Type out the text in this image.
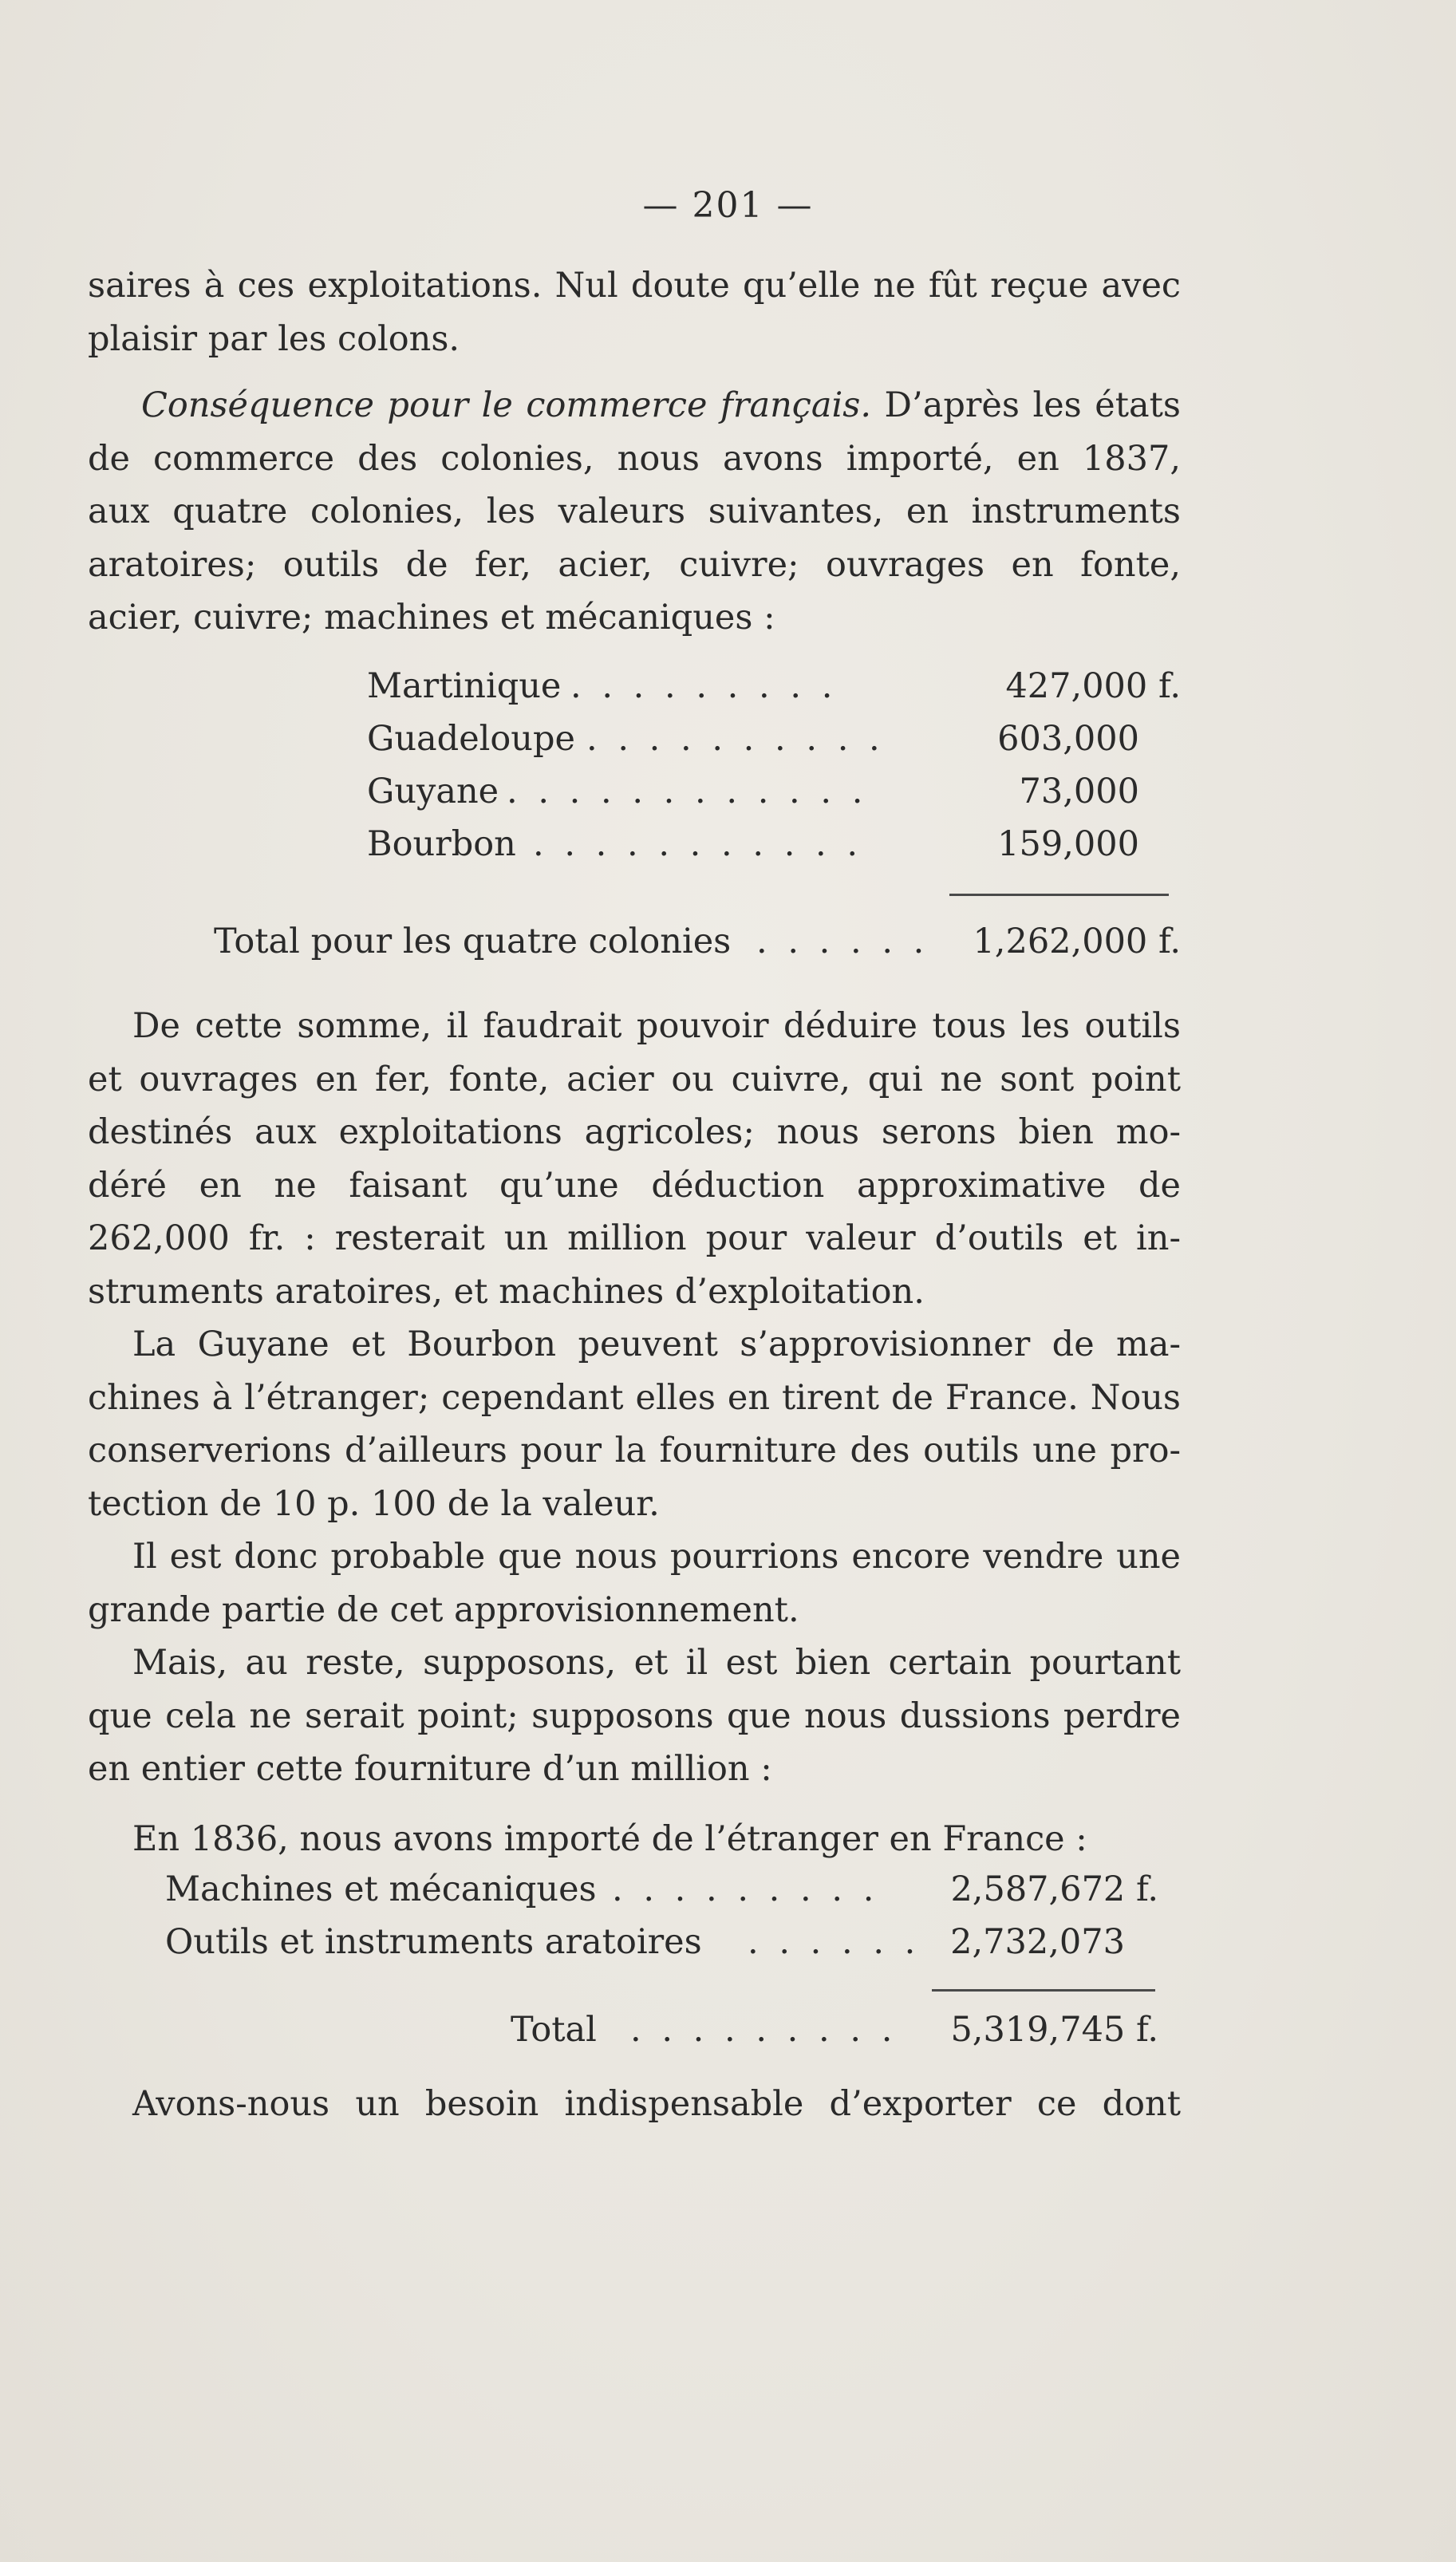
— 201 —
saires à ces exploitations. Nul doute qu’elle ne fût reçue avec
plaisir par les colons.
Conséquence pour le commerce français. D’après les états
de commerce des colonies, nous avons importé, en 1837,
aux quatre colonies, les valeurs suivantes, en instruments
aratoires; outils de fer, acier, cuivre; ouvrages en fonte,
acier, cuivre; machines et mécaniques :
Martinique . . . . . . . . .	427,000 f.
Guadeloupe . . . . . . . . . .	603,000
Guyane . . . . . . . . . . . .	73,000
Bourbon . . . . . . . . . . .	159,000
Total pour les quatre colonies . . . . . . 1,262,000 f.
De cette somme, il faudrait pouvoir déduire tous les outils
et ouvrages en fer, fonte, acier ou cuivre, qui ne sont point
destinés aux exploitations agricoles; nous serons bien mo-
déré en ne faisant qu’une déduction approximative de
262,000 fr. : resterait un million pour valeur d’outils et in-
struments aratoires, et machines d’exploitation.
La Guyane et Bourbon peuvent s’approvisionner de ma-
chines à l’étranger; cependant elles en tirent de France. Nous
conserverions d’ailleurs pour la fourniture des outils une pro-
tection de 10 p. 100 de la valeur.
Il est donc probable que nous pourrions encore vendre une
grande partie de cet approvisionnement.
Mais, au reste, supposons, et il est bien certain pourtant
que cela ne serait point; supposons que nous dussions perdre
en entier cette fourniture d’un million :
En 1836, nous avons importé de l’étranger en France :
Machines et mécaniques . . . . . . . . . 2,587,672 f.
Outils et instruments aratoires . . . . . . 2,732,073
Total . . . . . . . . . 5,319,745 f.
Avons-nous un besoin indispensable d’exporter ce dont
